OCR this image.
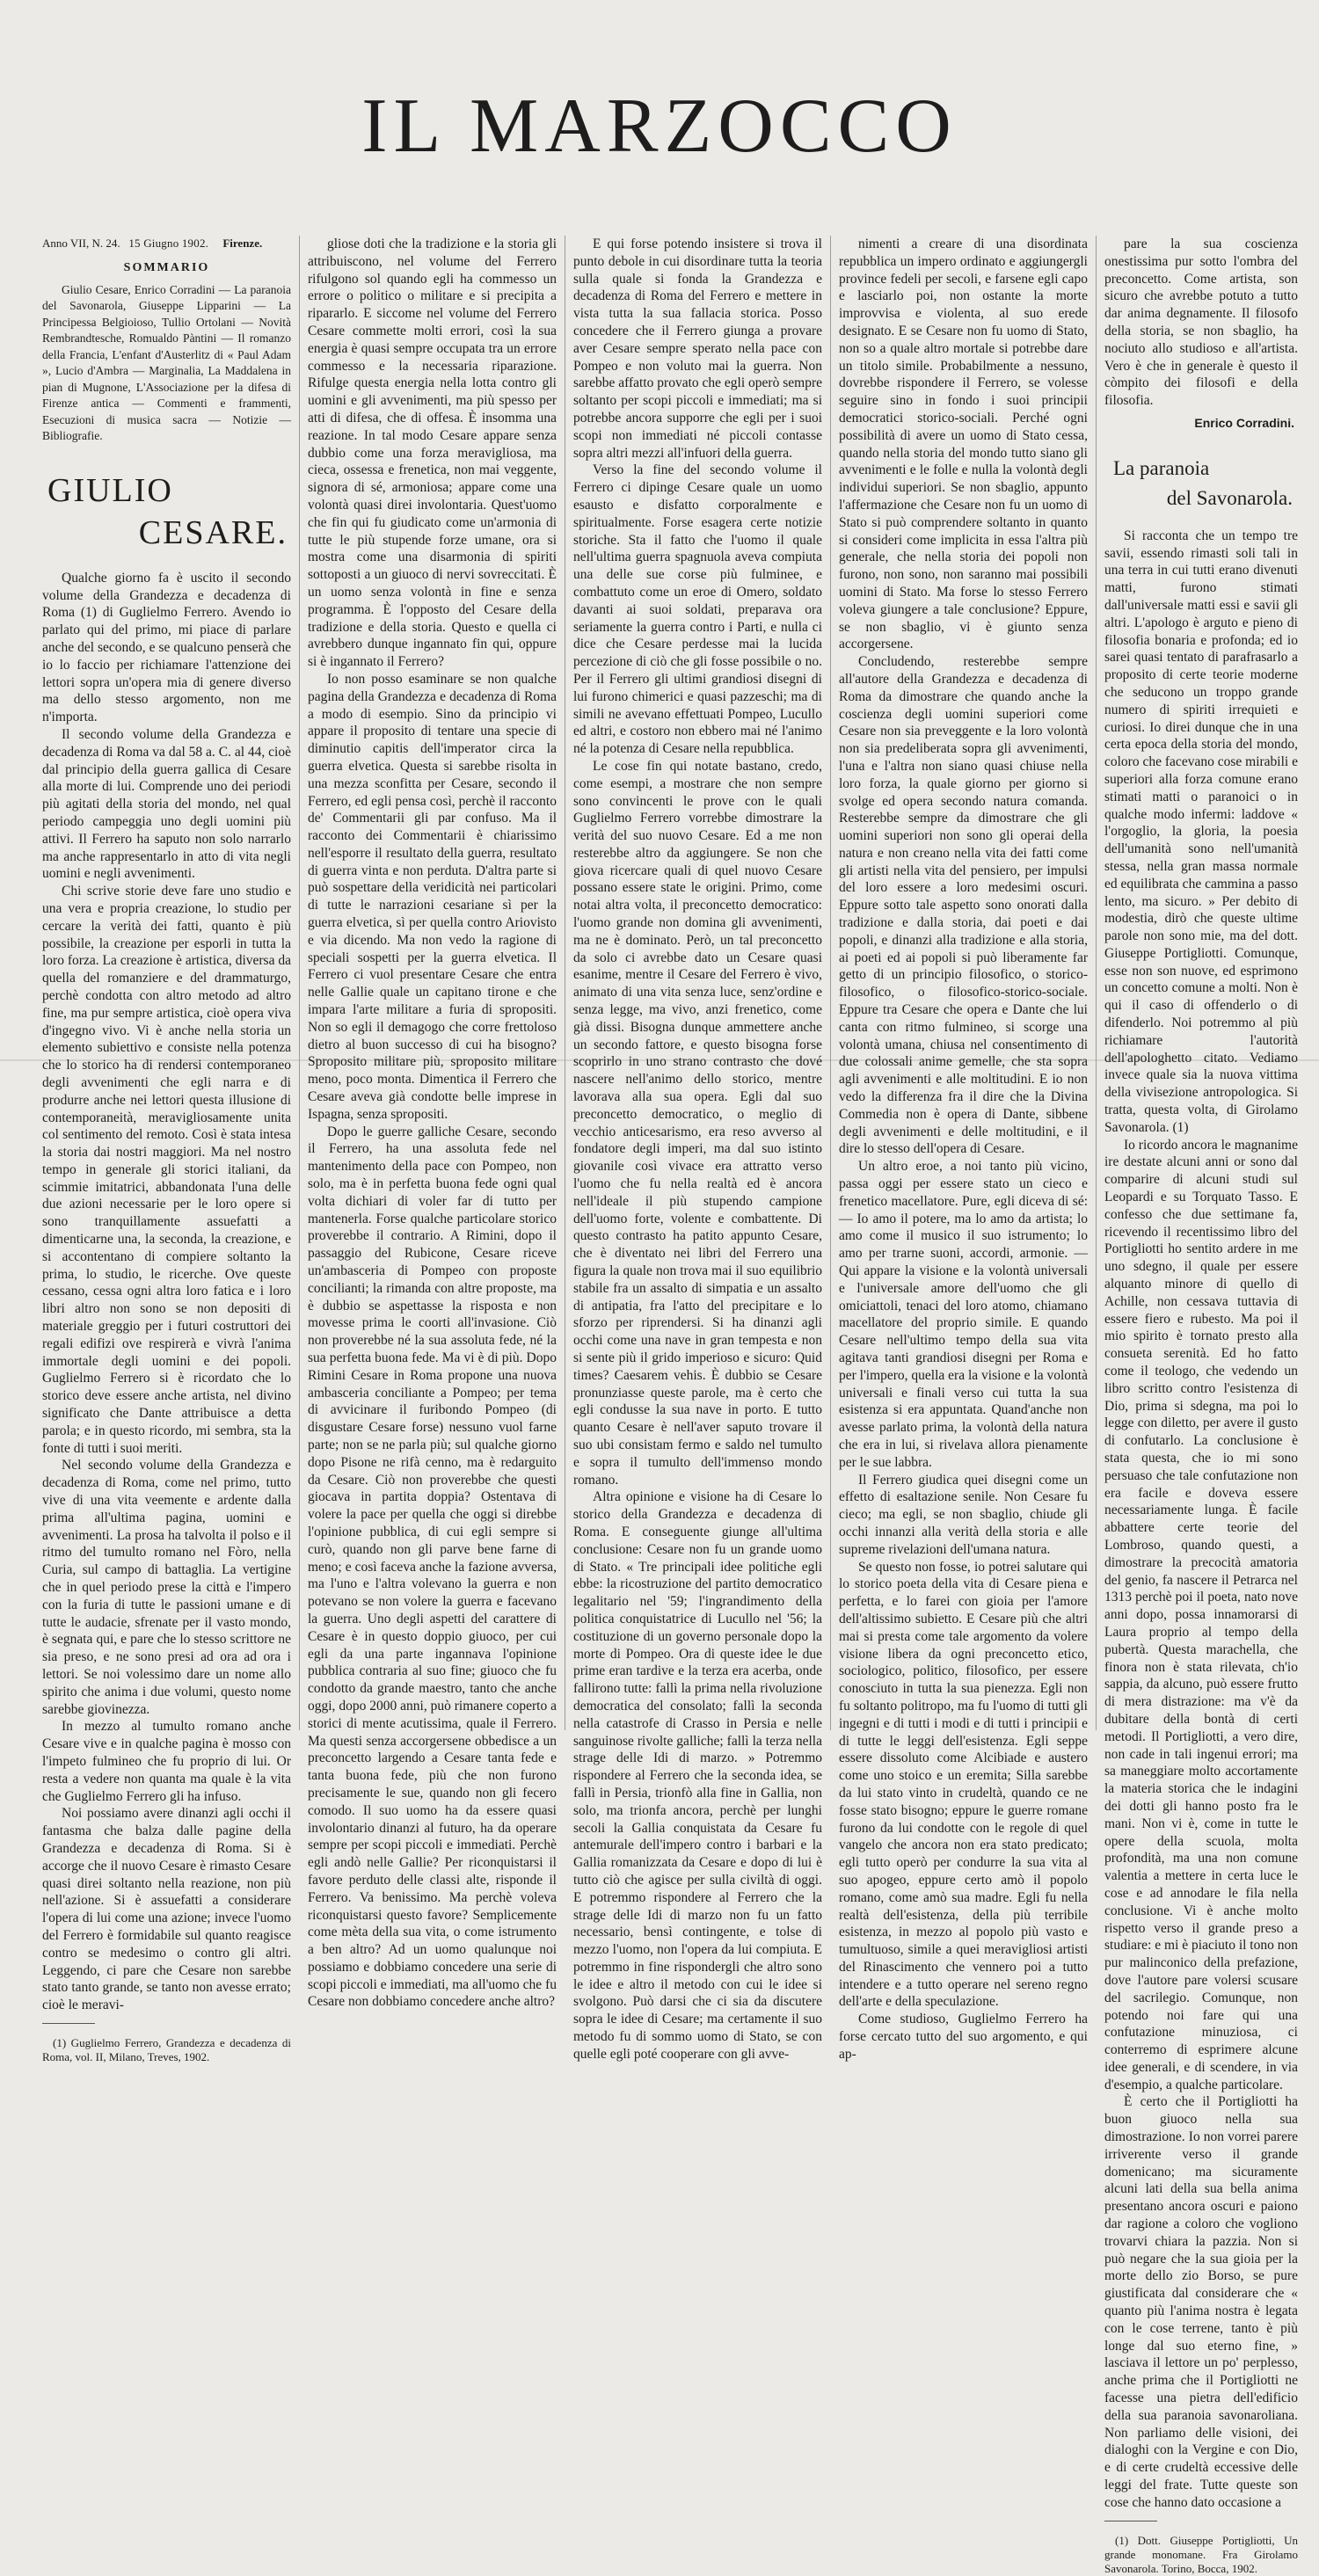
IL MARZOCCO
Anno VII, N. 24. 15 Giugno 1902. Firenze.
SOMMARIO

Giulio Cesare, Enrico Corradini — La paranoia del Savonarola, Giuseppe Lipparini — La Principessa Belgioioso, Tullio Ortolani — Novità Rembrandtesche, Romualdo Pàntini — Il romanzo della Francia, L'enfant d'Austerlitz di « Paul Adam », Lucio d'Ambra — Marginalia, La Maddalena in pian di Mugnone, L'Associazione per la difesa di Firenze antica — Commenti e frammenti, Esecuzioni di musica sacra — Notizie — Bibliografie.

GIULIO
CESARE.

Qualche giorno fa è uscito il secondo volume della Grandezza e decadenza di Roma (1) di Guglielmo Ferrero. Avendo io parlato qui del primo, mi piace di parlare anche del secondo, e se qualcuno penserà che io lo faccio per richiamare l'attenzione dei lettori sopra un'opera mia di genere diverso ma dello stesso argomento, non me n'importa.

Il secondo volume della Grandezza e decadenza di Roma va dal 58 a. C. al 44, cioè dal principio della guerra gallica di Cesare alla morte di lui. Comprende uno dei periodi più agitati della storia del mondo, nel qual periodo campeggia uno degli uomini più attivi. Il Ferrero ha saputo non solo narrarlo ma anche rappresentarlo in atto di vita negli uomini e negli avvenimenti.

Chi scrive storie deve fare uno studio e una vera e propria creazione, lo studio per cercare la verità dei fatti, quanto è più possibile, la creazione per esporli in tutta la loro forza. La creazione è artistica, diversa da quella del romanziere e del drammaturgo, perchè condotta con altro metodo ad altro fine, ma pur sempre artistica, cioè opera viva d'ingegno vivo. Vi è anche nella storia un elemento subiettivo e consiste nella potenza che lo storico ha di rendersi contemporaneo degli avvenimenti che egli narra e di produrre anche nei lettori questa illusione di contemporaneità, meravigliosamente unita col sentimento del remoto. Così è stata intesa la storia dai nostri maggiori. Ma nel nostro tempo in generale gli storici italiani, da scimmie imitatrici, abbandonata l'una delle due azioni necessarie per le loro opere si sono tranquillamente assuefatti a dimenticarne una, la seconda, la creazione, e si accontentano di compiere soltanto la prima, lo studio, le ricerche. Ove queste cessano, cessa ogni altra loro fatica e i loro libri altro non sono se non depositi di materiale greggio per i futuri costruttori dei regali edifizi ove respirerà e vivrà l'anima immortale degli uomini e dei popoli. Guglielmo Ferrero si è ricordato che lo storico deve essere anche artista, nel divino significato che Dante attribuisce a detta parola; e in questo ricordo, mi sembra, sta la fonte di tutti i suoi meriti.

Nel secondo volume della Grandezza e decadenza di Roma, come nel primo, tutto vive di una vita veemente e ardente dalla prima all'ultima pagina, uomini e avvenimenti. La prosa ha talvolta il polso e il ritmo del tumulto romano nel Fòro, nella Curia, sul campo di battaglia. La vertigine che in quel periodo prese la città e l'impero con la furia di tutte le passioni umane e di tutte le audacie, sfrenate per il vasto mondo, è segnata qui, e pare che lo stesso scrittore ne sia preso, e ne sono presi ad ora ad ora i lettori. Se noi volessimo dare un nome allo spirito che anima i due volumi, questo nome sarebbe giovinezza.

In mezzo al tumulto romano anche Cesare vive e in qualche pagina è mosso con l'impeto fulmineo che fu proprio di lui. Or resta a vedere non quanta ma quale è la vita che Guglielmo Ferrero gli ha infuso.

Noi possiamo avere dinanzi agli occhi il fantasma che balza dalle pagine della Grandezza e decadenza di Roma. Si è accorge che il nuovo Cesare è rimasto Cesare quasi direi soltanto nella reazione, non più nell'azione. Si è assuefatti a considerare l'opera di lui come una azione; invece l'uomo del Ferrero è formidabile sul quanto reagisce contro se medesimo o contro gli altri. Leggendo, ci pare che Cesare non sarebbe stato tanto grande, se tanto non avesse errato; cioè le meravi-

(1) Guglielmo Ferrero, Grandezza e decadenza di Roma, vol. II, Milano, Treves, 1902.

gliose doti che la tradizione e la storia gli attribuiscono, nel volume del Ferrero rifulgono sol quando egli ha commesso un errore o politico o militare e si precipita a ripararlo. E siccome nel volume del Ferrero Cesare commette molti errori, così la sua energia è quasi sempre occupata tra un errore commesso e la necessaria riparazione. Rifulge questa energia nella lotta contro gli uomini e gli avvenimenti, ma più spesso per atti di difesa, che di offesa. È insomma una reazione. In tal modo Cesare appare senza dubbio come una forza meravigliosa, ma cieca, ossessa e frenetica, non mai veggente, signora di sé, armoniosa; appare come una volontà quasi direi involontaria. Quest'uomo che fin qui fu giudicato come un'armonia di tutte le più stupende forze umane, ora si mostra come una disarmonia di spiriti sottoposti a un giuoco di nervi sovreccitati. È un uomo senza volontà in fine e senza programma. È l'opposto del Cesare della tradizione e della storia. Questo e quella ci avrebbero dunque ingannato fin qui, oppure si è ingannato il Ferrero?

Io non posso esaminare se non qualche pagina della Grandezza e decadenza di Roma a modo di esempio. Sino da principio vi appare il proposito di tentare una specie di diminutio capitis dell'imperator circa la guerra elvetica. Questa si sarebbe risolta in una mezza sconfitta per Cesare, secondo il Ferrero, ed egli pensa così, perchè il racconto de' Commentarii gli par confuso. Ma il racconto dei Commentarii è chiarissimo nell'esporre il resultato della guerra, resultato di guerra vinta e non perduta. D'altra parte si può sospettare della veridicità nei particolari di tutte le narrazioni cesariane sì per la guerra elvetica, sì per quella contro Ariovisto e via dicendo. Ma non vedo la ragione di speciali sospetti per la guerra elvetica. Il Ferrero ci vuol presentare Cesare che entra nelle Gallie quale un capitano tirone e che impara l'arte militare a furia di spropositi. Non so egli il demagogo che corre frettoloso dietro al buon successo di cui ha bisogno? Sproposito militare più, sproposito militare meno, poco monta. Dimentica il Ferrero che Cesare aveva già condotte belle imprese in Ispagna, senza spropositi.

Dopo le guerre galliche Cesare, secondo il Ferrero, ha una assoluta fede nel mantenimento della pace con Pompeo, non solo, ma è in perfetta buona fede ogni qual volta dichiari di voler far di tutto per mantenerla. Forse qualche particolare storico proverebbe il contrario. A Rimini, dopo il passaggio del Rubicone, Cesare riceve un'ambasceria di Pompeo con proposte concilianti; la rimanda con altre proposte, ma è dubbio se aspettasse la risposta e non movesse prima le coorti all'invasione. Ciò non proverebbe né la sua assoluta fede, né la sua perfetta buona fede. Ma vi è di più. Dopo Rimini Cesare in Roma propone una nuova ambasceria conciliante a Pompeo; per tema di avvicinare il furibondo Pompeo (di disgustare Cesare forse) nessuno vuol farne parte; non se ne parla più; sul qualche giorno dopo Pisone ne rifà cenno, ma è redarguito da Cesare. Ciò non proverebbe che questi giocava in partita doppia? Ostentava di volere la pace per quella che oggi si direbbe l'opinione pubblica, di cui egli sempre si curò, quando non gli parve bene farne di meno; e così faceva anche la fazione avversa, ma l'uno e l'altra volevano la guerra e non potevano se non volere la guerra e facevano la guerra. Uno degli aspetti del carattere di Cesare è in questo doppio giuoco, per cui egli da una parte ingannava l'opinione pubblica contraria al suo fine; giuoco che fu condotto da grande maestro, tanto che anche oggi, dopo 2000 anni, può rimanere coperto a storici di mente acutissima, quale il Ferrero. Ma questi senza accorgersene obbedisce a un preconcetto largendo a Cesare tanta fede e tanta buona fede, più che non furono precisamente le sue, quando non gli fecero comodo. Il suo uomo ha da essere quasi involontario dinanzi al futuro, ha da operare sempre per scopi piccoli e immediati. Perchè egli andò nelle Gallie? Per riconquistarsi il favore perduto delle classi alte, risponde il Ferrero. Va benissimo. Ma perchè voleva riconquistarsi questo favore? Semplicemente come mèta della sua vita, o come istrumento a ben altro? Ad un uomo qualunque noi possiamo e dobbiamo concedere una serie di scopi piccoli e immediati, ma all'uomo che fu Cesare non dobbiamo concedere anche altro?

E qui forse potendo insistere si trova il punto debole in cui disordinare tutta la teoria sulla quale si fonda la Grandezza e decadenza di Roma del Ferrero e mettere in vista tutta la sua fallacia storica. Posso concedere che il Ferrero giunga a provare aver Cesare sempre sperato nella pace con Pompeo e non voluto mai la guerra. Non sarebbe affatto provato che egli operò sempre soltanto per scopi piccoli e immediati; ma si potrebbe ancora supporre che egli per i suoi scopi non immediati né piccoli contasse sopra altri mezzi all'infuori della guerra.

Verso la fine del secondo volume il Ferrero ci dipinge Cesare quale un uomo esausto e disfatto corporalmente e spiritualmente. Forse esagera certe notizie storiche. Sta il fatto che l'uomo il quale nell'ultima guerra spagnuola aveva compiuta una delle sue corse più fulminee, e combattuto come un eroe di Omero, soldato davanti ai suoi soldati, preparava ora seriamente la guerra contro i Parti, e nulla ci dice che Cesare perdesse mai la lucida percezione di ciò che gli fosse possibile o no. Per il Ferrero gli ultimi grandiosi disegni di lui furono chimerici e quasi pazzeschi; ma di simili ne avevano effettuati Pompeo, Lucullo ed altri, e costoro non ebbero mai né l'animo né la potenza di Cesare nella repubblica.

Le cose fin qui notate bastano, credo, come esempi, a mostrare che non sempre sono convincenti le prove con le quali Guglielmo Ferrero vorrebbe dimostrare la verità del suo nuovo Cesare. Ed a me non resterebbe altro da aggiungere. Se non che giova ricercare quali di quel nuovo Cesare possano essere state le origini. Primo, come notai altra volta, il preconcetto democratico: l'uomo grande non domina gli avvenimenti, ma ne è dominato. Però, un tal preconcetto da solo ci avrebbe dato un Cesare quasi esanime, mentre il Cesare del Ferrero è vivo, animato di una vita senza luce, senz'ordine e senza legge, ma vivo, anzi frenetico, come già dissi. Bisogna dunque ammettere anche un secondo fattore, e questo bisogna forse scoprirlo in uno strano contrasto che dové nascere nell'animo dello storico, mentre lavorava alla sua opera. Egli dal suo preconcetto democratico, o meglio di vecchio anticesarismo, era reso avverso al fondatore degli imperi, ma dal suo istinto giovanile così vivace era attratto verso l'uomo che fu nella realtà ed è ancora nell'ideale il più stupendo campione dell'uomo forte, volente e combattente. Di questo contrasto ha patito appunto Cesare, che è diventato nei libri del Ferrero una figura la quale non trova mai il suo equilibrio stabile fra un assalto di simpatia e un assalto di antipatia, fra l'atto del precipitare e lo sforzo per riprendersi. Si ha dinanzi agli occhi come una nave in gran tempesta e non si sente più il grido imperioso e sicuro: Quid times? Caesarem vehis. È dubbio se Cesare pronunziasse queste parole, ma è certo che egli condusse la sua nave in porto. E tutto quanto Cesare è nell'aver saputo trovare il suo ubi consistam fermo e saldo nel tumulto e sopra il tumulto dell'immenso mondo romano.

Altra opinione e visione ha di Cesare lo storico della Grandezza e decadenza di Roma. E conseguente giunge all'ultima conclusione: Cesare non fu un grande uomo di Stato. « Tre principali idee politiche egli ebbe: la ricostruzione del partito democratico legalitario nel '59; l'ingrandimento della politica conquistatrice di Lucullo nel '56; la costituzione di un governo personale dopo la morte di Pompeo. Ora di queste idee le due prime eran tardive e la terza era acerba, onde fallirono tutte: fallì la prima nella rivoluzione democratica del consolato; fallì la seconda nella catastrofe di Crasso in Persia e nelle sanguinose rivolte galliche; fallì la terza nella strage delle Idi di marzo. » Potremmo rispondere al Ferrero che la seconda idea, se fallì in Persia, trionfò alla fine in Gallia, non solo, ma trionfa ancora, perchè per lunghi secoli la Gallia conquistata da Cesare fu antemurale dell'impero contro i barbari e la Gallia romanizzata da Cesare e dopo di lui è tutto ciò che agisce per sulla civiltà di oggi. E potremmo rispondere al Ferrero che la strage delle Idi di marzo non fu un fatto necessario, bensì contingente, e tolse di mezzo l'uomo, non l'opera da lui compiuta. E potremmo in fine rispondergli che altro sono le idee e altro il metodo con cui le idee si svolgono. Può darsi che ci sia da discutere sopra le idee di Cesare; ma certamente il suo metodo fu di sommo uomo di Stato, se con quelle egli poté cooperare con gli avve-

nimenti a creare di una disordinata repubblica un impero ordinato e aggiungergli province fedeli per secoli, e farsene egli capo e lasciarlo poi, non ostante la morte improvvisa e violenta, al suo erede designato. E se Cesare non fu uomo di Stato, non so a quale altro mortale si potrebbe dare un titolo simile. Probabilmente a nessuno, dovrebbe rispondere il Ferrero, se volesse seguire sino in fondo i suoi principii democratici storico-sociali. Perché ogni possibilità di avere un uomo di Stato cessa, quando nella storia del mondo tutto siano gli avvenimenti e le folle e nulla la volontà degli individui superiori. Se non sbaglio, appunto l'affermazione che Cesare non fu un uomo di Stato si può comprendere soltanto in quanto si consideri come implicita in essa l'altra più generale, che nella storia dei popoli non furono, non sono, non saranno mai possibili uomini di Stato. Ma forse lo stesso Ferrero voleva giungere a tale conclusione? Eppure, se non sbaglio, vi è giunto senza accorgersene.

Concludendo, resterebbe sempre all'autore della Grandezza e decadenza di Roma da dimostrare che quando anche la coscienza degli uomini superiori come Cesare non sia preveggente e la loro volontà non sia predeliberata sopra gli avvenimenti, l'una e l'altra non siano quasi chiuse nella loro forza, la quale giorno per giorno si svolge ed opera secondo natura comanda. Resterebbe sempre da dimostrare che gli uomini superiori non sono gli operai della natura e non creano nella vita dei fatti come gli artisti nella vita del pensiero, per impulsi del loro essere a loro medesimi oscuri. Eppure sotto tale aspetto sono onorati dalla tradizione e dalla storia, dai poeti e dai popoli, e dinanzi alla tradizione e alla storia, ai poeti ed ai popoli si può liberamente far getto di un principio filosofico, o storico-filosofico, o filosofico-storico-sociale. Eppure tra Cesare che opera e Dante che lui canta con ritmo fulmineo, si scorge una volontà umana, chiusa nel consentimento di due colossali anime gemelle, che sta sopra agli avvenimenti e alle moltitudini. E io non vedo la differenza fra il dire che la Divina Commedia non è opera di Dante, sibbene degli avvenimenti e delle moltitudini, e il dire lo stesso dell'opera di Cesare.

Un altro eroe, a noi tanto più vicino, passa oggi per essere stato un cieco e frenetico macellatore. Pure, egli diceva di sé: — Io amo il potere, ma lo amo da artista; lo amo come il musico il suo istrumento; lo amo per trarne suoni, accordi, armonie. — Qui appare la visione e la volontà universali e l'universale amore dell'uomo che gli omiciattoli, tenaci del loro atomo, chiamano macellatore del proprio simile. E quando Cesare nell'ultimo tempo della sua vita agitava tanti grandiosi disegni per Roma e per l'impero, quella era la visione e la volontà universali e finali verso cui tutta la sua esistenza si era appuntata. Quand'anche non avesse parlato prima, la volontà della natura che era in lui, si rivelava allora pienamente per le sue labbra.

Il Ferrero giudica quei disegni come un effetto di esaltazione senile. Non Cesare fu cieco; ma egli, se non sbaglio, chiude gli occhi innanzi alla verità della storia e alle supreme rivelazioni dell'umana natura.

Se questo non fosse, io potrei salutare qui lo storico poeta della vita di Cesare piena e perfetta, e lo farei con gioia per l'amore dell'altissimo subietto. E Cesare più che altri mai si presta come tale argomento da volere visione libera da ogni preconcetto etico, sociologico, politico, filosofico, per essere conosciuto in tutta la sua pienezza. Egli non fu soltanto politropo, ma fu l'uomo di tutti gli ingegni e di tutti i modi e di tutti i principii e di tutte le leggi dell'esistenza. Egli seppe essere dissoluto come Alcibiade e austero come uno stoico e un eremita; Silla sarebbe da lui stato vinto in crudeltà, quando ce ne fosse stato bisogno; eppure le guerre romane furono da lui condotte con le regole di quel vangelo che ancora non era stato predicato; egli tutto operò per condurre la sua vita al suo apogeo, eppure certo amò il popolo romano, come amò sua madre. Egli fu nella realtà dell'esistenza, della più terribile esistenza, in mezzo al popolo più vasto e tumultuoso, simile a quei meravigliosi artisti del Rinascimento che vennero poi a tutto intendere e a tutto operare nel sereno regno dell'arte e della speculazione.

Come studioso, Guglielmo Ferrero ha forse cercato tutto del suo argomento, e qui ap-

pare la sua coscienza onestissima pur sotto l'ombra del preconcetto. Come artista, son sicuro che avrebbe potuto a tutto dar anima degnamente. Il filosofo della storia, se non sbaglio, ha nociuto allo studioso e all'artista. Vero è che in generale è questo il còmpito dei filosofi e della filosofia.

Enrico Corradini.
La paranoia
del Savonarola.

Si racconta che un tempo tre savii, essendo rimasti soli tali in una terra in cui tutti erano divenuti matti, furono stimati dall'universale matti essi e savii gli altri. L'apologo è arguto e pieno di filosofia bonaria e profonda; ed io sarei quasi tentato di parafrasarlo a proposito di certe teorie moderne che seducono un troppo grande numero di spiriti irrequieti e curiosi. Io direi dunque che in una certa epoca della storia del mondo, coloro che facevano cose mirabili e superiori alla forza comune erano stimati matti o paranoici o in qualche modo infermi: laddove « l'orgoglio, la gloria, la poesia dell'umanità sono nell'umanità stessa, nella gran massa normale ed equilibrata che cammina a passo lento, ma sicuro. » Per debito di modestia, dirò che queste ultime parole non sono mie, ma del dott. Giuseppe Portigliotti. Comunque, esse non son nuove, ed esprimono un concetto comune a molti. Non è qui il caso di offenderlo o di difenderlo. Noi potremmo al più richiamare l'autorità dell'apologhetto citato. Vediamo invece quale sia la nuova vittima della vivisezione antropologica. Si tratta, questa volta, di Girolamo Savonarola. (1)

Io ricordo ancora le magnanime ire destate alcuni anni or sono dal comparire di alcuni studi sul Leopardi e su Torquato Tasso. E confesso che due settimane fa, ricevendo il recentissimo libro del Portigliotti ho sentito ardere in me uno sdegno, il quale per essere alquanto minore di quello di Achille, non cessava tuttavia di essere fiero e rubesto. Ma poi il mio spirito è tornato presto alla consueta serenità. Ed ho fatto come il teologo, che vedendo un libro scritto contro l'esistenza di Dio, prima si sdegna, ma poi lo legge con diletto, per avere il gusto di confutarlo. La conclusione è stata questa, che io mi sono persuaso che tale confutazione non era facile e doveva essere necessariamente lunga. È facile abbattere certe teorie del Lombroso, quando questi, a dimostrare la precocità amatoria del genio, fa nascere il Petrarca nel 1313 perchè poi il poeta, nato nove anni dopo, possa innamorarsi di Laura proprio al tempo della pubertà. Questa marachella, che finora non è stata rilevata, ch'io sappia, da alcuno, può essere frutto di mera distrazione: ma v'è da dubitare della bontà di certi metodi. Il Portigliotti, a vero dire, non cade in tali ingenui errori; ma sa maneggiare molto accortamente la materia storica che le indagini dei dotti gli hanno posto fra le mani. Non vi è, come in tutte le opere della scuola, molta profondità, ma una non comune valentia a mettere in certa luce le cose e ad annodare le fila nella conclusione. Vi è anche molto rispetto verso il grande preso a studiare: e mi è piaciuto il tono non pur malinconico della prefazione, dove l'autore pare volersi scusare del sacrilegio. Comunque, non potendo noi fare qui una confutazione minuziosa, ci conterremo di esprimere alcune idee generali, e di scendere, in via d'esempio, a qualche particolare.

È certo che il Portigliotti ha buon giuoco nella sua dimostrazione. Io non vorrei parere irriverente verso il grande domenicano; ma sicuramente alcuni lati della sua bella anima presentano ancora oscuri e paiono dar ragione a coloro che vogliono trovarvi chiara la pazzia. Non si può negare che la sua gioia per la morte dello zio Borso, se pure giustificata dal considerare che « quanto più l'anima nostra è legata con le cose terrene, tanto è più longe dal suo eterno fine, » lasciava il lettore un po' perplesso, anche prima che il Portigliotti ne facesse una pietra dell'edificio della sua paranoia savonaroliana. Non parliamo delle visioni, dei dialoghi con la Vergine e con Dio, e di certe crudeltà eccessive delle leggi del frate. Tutte queste son cose che hanno dato occasione a

(1) Dott. Giuseppe Portigliotti, Un grande monomane. Fra Girolamo Savonarola. Torino, Bocca, 1902.
